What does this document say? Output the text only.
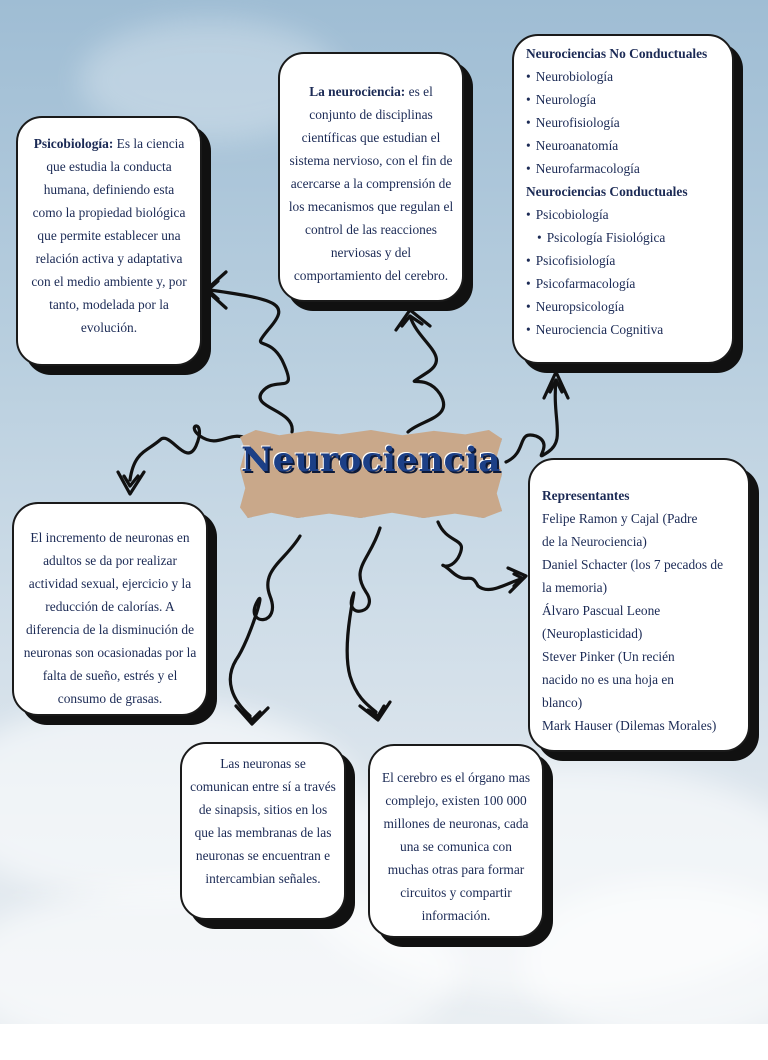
Psicobiología: Es la ciencia que estudia la conducta humana, definiendo esta como la propiedad biológica que permite establecer una relación activa y adaptativa con el medio ambiente y, por tanto, modelada por la evolución.
La neurociencia: es el conjunto de disciplinas científicas que estudian el sistema nervioso, con el fin de acercarse a la comprensión de los mecanismos que regulan el control de las reacciones nerviosas y del comportamiento del cerebro.
Neurociencias No Conductuales
• Neurobiología
• Neurología
• Neurofisiología
• Neuroanatomía
• Neurofarmacología
Neurociencias Conductuales
• Psicobiología
• Psicología Fisiológica
• Psicofisiología
• Psicofarmacología
• Neuropsicología
• Neurociencia Cognitiva
Neurociencia
El incremento de neuronas en adultos se da por realizar actividad sexual, ejercicio y la reducción de calorías. A diferencia de la disminución de neuronas son ocasionadas por la falta de sueño, estrés y el consumo de grasas.
Representantes
Felipe Ramon y Cajal (Padre
de la Neurociencia)
Daniel Schacter (los 7 pecados de
la memoria)
Álvaro Pascual Leone
(Neuroplasticidad)
Stever Pinker (Un recién
nacido no es una hoja en
blanco)
Mark Hauser (Dilemas Morales)
Las neuronas se comunican entre sí a través de sinapsis, sitios en los que las membranas de las neuronas se encuentran e intercambian señales.
El cerebro es el órgano mas complejo, existen 100 000 millones de neuronas, cada una se comunica con muchas otras para formar circuitos y compartir información.
